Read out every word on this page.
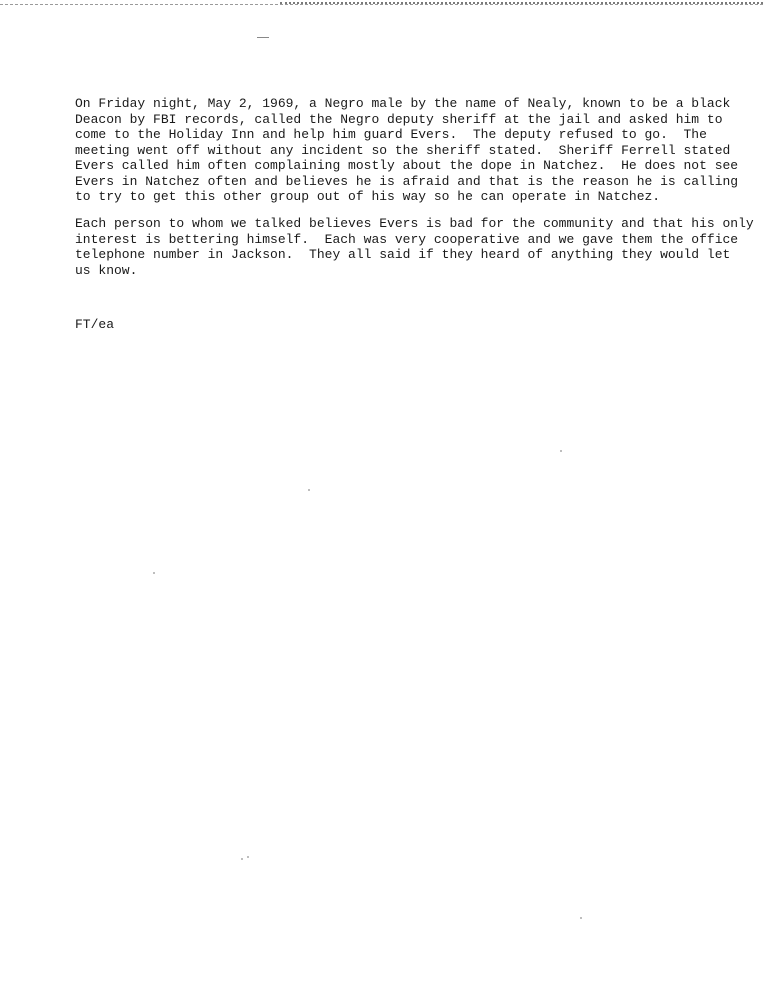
On Friday night, May 2, 1969, a Negro male by the name of Nealy, known to be a black
Deacon by FBI records, called the Negro deputy sheriff at the jail and asked him to
come to the Holiday Inn and help him guard Evers.  The deputy refused to go.  The
meeting went off without any incident so the sheriff stated.  Sheriff Ferrell stated
Evers called him often complaining mostly about the dope in Natchez.  He does not see
Evers in Natchez often and believes he is afraid and that is the reason he is calling
to try to get this other group out of his way so he can operate in Natchez.
Each person to whom we talked believes Evers is bad for the community and that his only
interest is bettering himself.  Each was very cooperative and we gave them the office
telephone number in Jackson.  They all said if they heard of anything they would let
us know.
FT/ea
